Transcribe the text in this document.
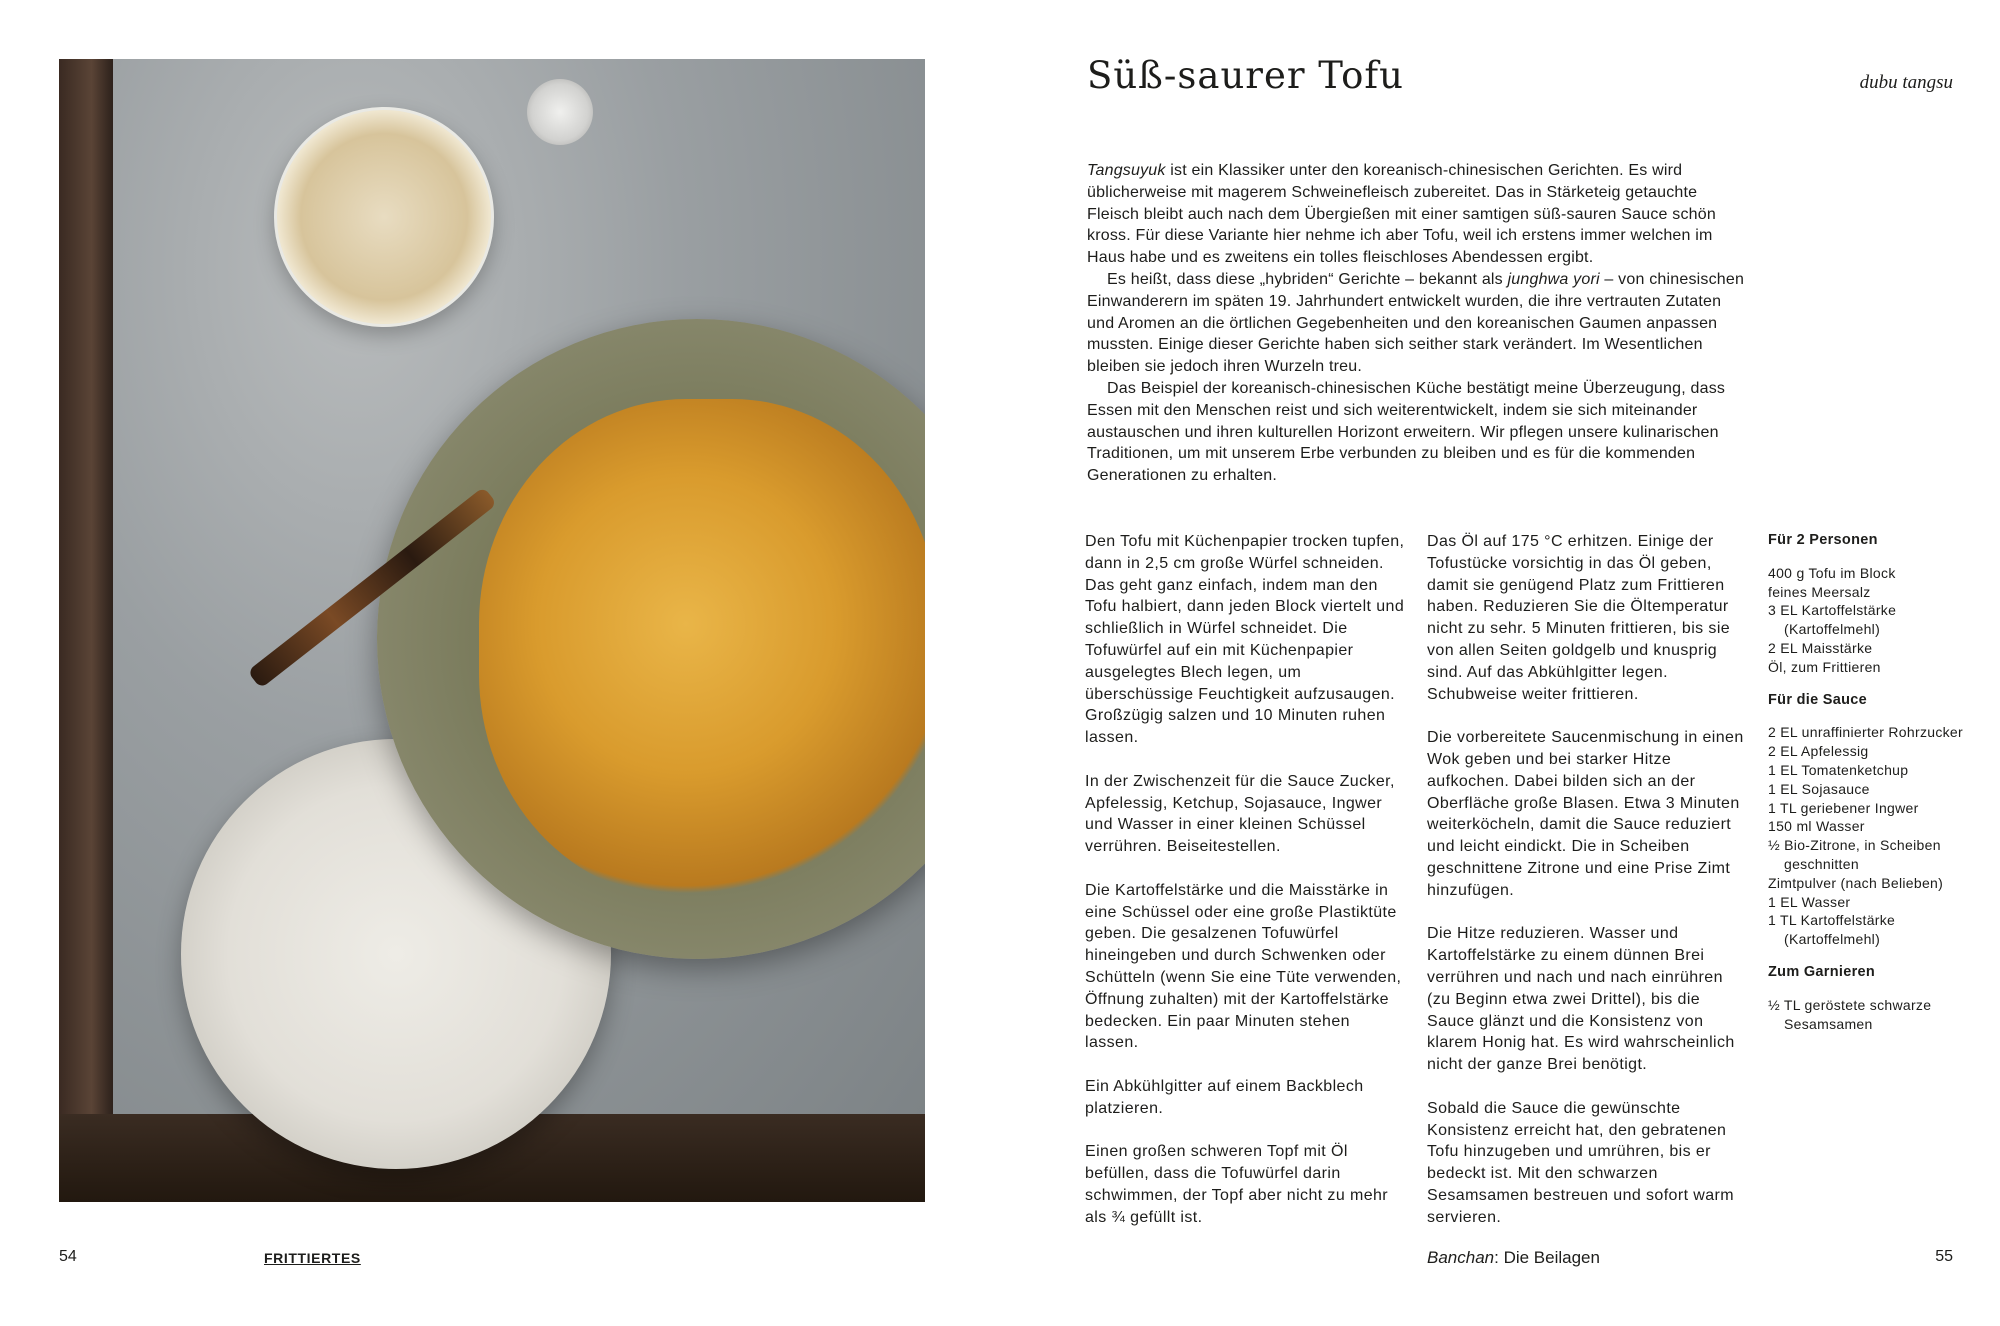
Süß-saurer Tofu	dubu tangsu

Tangsuyuk ist ein Klassiker unter den koreanisch-chinesischen Gerichten. Es wird üblicherweise mit magerem Schweinefleisch zubereitet. Das in Stärketeig getauchte Fleisch bleibt auch nach dem Übergießen mit einer samtigen süß-sauren Sauce schön kross. Für diese Variante hier nehme ich aber Tofu, weil ich erstens immer welchen im Haus habe und es zweitens ein tolles fleischloses Abendessen ergibt.

Es heißt, dass diese „hybriden“ Gerichte – bekannt als junghwa yori – von chinesischen Einwanderern im späten 19. Jahrhundert entwickelt wurden, die ihre vertrauten Zutaten und Aromen an die örtlichen Gegebenheiten und den koreanischen Gaumen anpassen mussten. Einige dieser Gerichte haben sich seither stark verändert. Im Wesentlichen bleiben sie jedoch ihren Wurzeln treu.

Das Beispiel der koreanisch-chinesischen Küche bestätigt meine Überzeugung, dass Essen mit den Menschen reist und sich weiterentwickelt, indem sie sich miteinander austauschen und ihren kulturellen Horizont erweitern. Wir pflegen unsere kulinarischen Traditionen, um mit unserem Erbe verbunden zu bleiben und es für die kommenden Generationen zu erhalten.

Den Tofu mit Küchenpapier trocken tupfen, dann in 2,5 cm große Würfel schneiden. Das geht ganz einfach, indem man den Tofu halbiert, dann jeden Block viertelt und schließlich in Würfel schneidet. Die Tofuwürfel auf ein mit Küchenpapier ausgelegtes Blech legen, um überschüssige Feuchtigkeit aufzusaugen. Großzügig salzen und 10 Minuten ruhen lassen.

In der Zwischenzeit für die Sauce Zucker, Apfelessig, Ketchup, Sojasauce, Ingwer und Wasser in einer kleinen Schüssel verrühren. Beiseitestellen.

Die Kartoffelstärke und die Maisstärke in eine Schüssel oder eine große Plastiktüte geben. Die gesalzenen Tofuwürfel hineingeben und durch Schwenken oder Schütteln (wenn Sie eine Tüte verwenden, Öffnung zuhalten) mit der Kartoffelstärke bedecken. Ein paar Minuten stehen lassen.

Ein Abkühlgitter auf einem Backblech platzieren.

Einen großen schweren Topf mit Öl befüllen, dass die Tofuwürfel darin schwimmen, der Topf aber nicht zu mehr als ¾ gefüllt ist.

Das Öl auf 175 °C erhitzen. Einige der Tofustücke vorsichtig in das Öl geben, damit sie genügend Platz zum Frittieren haben. Reduzieren Sie die Öltemperatur nicht zu sehr. 5 Minuten frittieren, bis sie von allen Seiten goldgelb und knusprig sind. Auf das Abkühlgitter legen. Schubweise weiter frittieren.

Die vorbereitete Saucenmischung in einen Wok geben und bei starker Hitze aufkochen. Dabei bilden sich an der Oberfläche große Blasen. Etwa 3 Minuten weiterköcheln, damit die Sauce reduziert und leicht eindickt. Die in Scheiben geschnittene Zitrone und eine Prise Zimt hinzufügen.

Die Hitze reduzieren. Wasser und Kartoffelstärke zu einem dünnen Brei verrühren und nach und nach einrühren (zu Beginn etwa zwei Drittel), bis die Sauce glänzt und die Konsistenz von klarem Honig hat. Es wird wahrscheinlich nicht der ganze Brei benötigt.

Sobald die Sauce die gewünschte Konsistenz erreicht hat, den gebratenen Tofu hinzugeben und umrühren, bis er bedeckt ist. Mit den schwarzen Sesamsamen bestreuen und sofort warm servieren.

Für 2 Personen
400 g Tofu im Block
feines Meersalz
3 EL Kartoffelstärke (Kartoffelmehl)
2 EL Maisstärke
Öl, zum Frittieren
Für die Sauce
2 EL unraffinierter Rohrzucker
2 EL Apfelessig
1 EL Tomatenketchup
1 EL Sojasauce
1 TL geriebener Ingwer
150 ml Wasser
½ Bio-Zitrone, in Scheiben geschnitten
Zimtpulver (nach Belieben)
1 EL Wasser
1 TL Kartoffelstärke (Kartoffelmehl)
Zum Garnieren
½ TL geröstete schwarze Sesamsamen
54	FRITTIERTES	Banchan: Die Beilagen	55
